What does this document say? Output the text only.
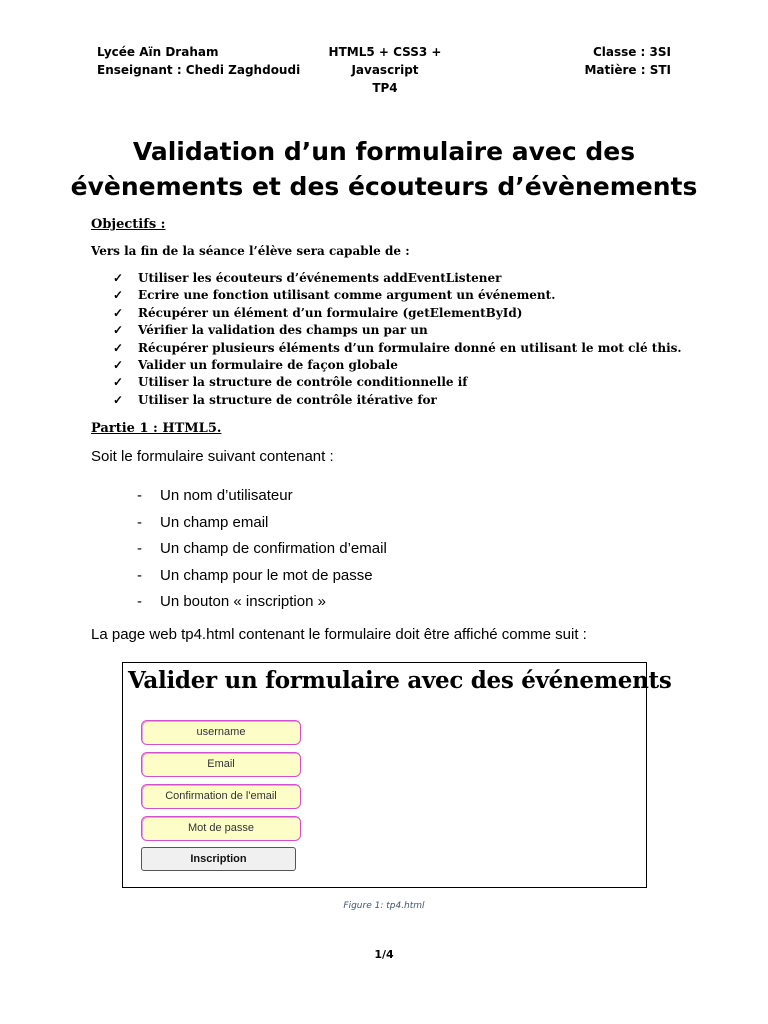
Lycée Aïn Draham
Enseignant : Chedi Zaghdoudi
HTML5 + CSS3 + Javascript
TP4
Classe : 3SI
Matière : STI
Validation d’un formulaire avec des
évènements et des écouteurs d’évènements
Objectifs :
Vers la fin de la séance l’élève sera capable de :
✓	Utiliser les écouteurs d’événements addEventListener
✓	Ecrire une fonction utilisant comme argument un événement.
✓	Récupérer un élément d’un formulaire (getElementById)
✓	Vérifier la validation des champs un par un
✓	Récupérer plusieurs éléments d’un formulaire donné en utilisant le mot clé this.
✓	Valider un formulaire de façon globale
✓	Utiliser la structure de contrôle conditionnelle if
✓	Utiliser la structure de contrôle itérative for
Partie 1 : HTML5.
Soit le formulaire suivant contenant :
-	Un nom d’utilisateur
-	Un champ email
-	Un champ de confirmation d’email
-	Un champ pour le mot de passe
-	Un bouton « inscription »
La page web tp4.html contenant le formulaire doit être affiché comme suit :
Valider un formulaire avec des événements
username
Email
Confirmation de l'email
Mot de passe
Inscription
Figure 1: tp4.html
1/4
